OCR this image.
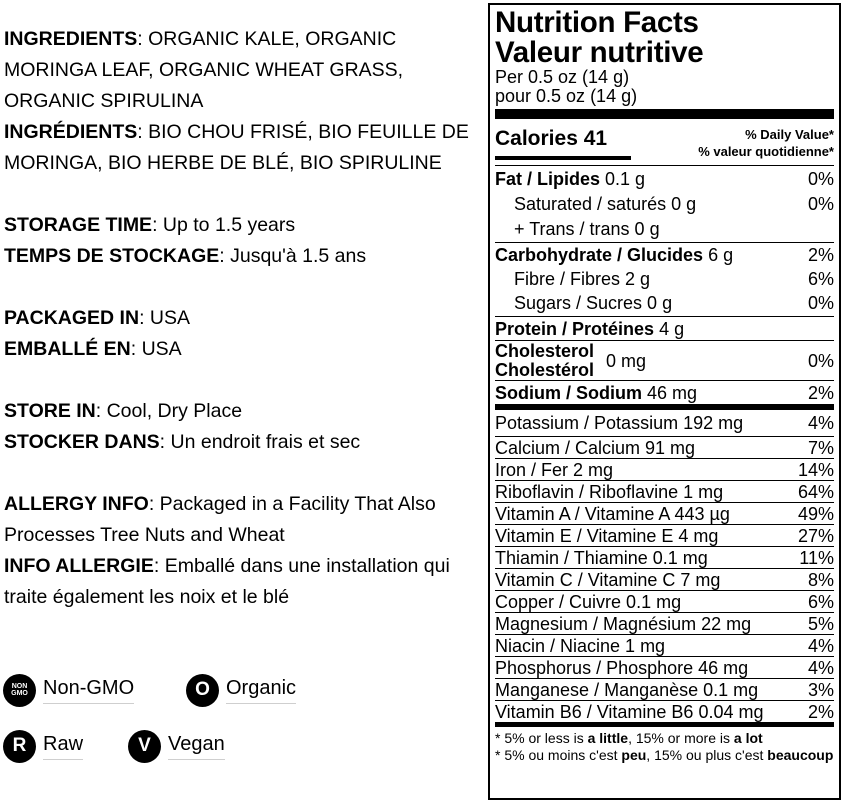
INGREDIENTS: ORGANIC KALE, ORGANIC MORINGA LEAF, ORGANIC WHEAT GRASS, ORGANIC SPIRULINA

INGRÉDIENTS: BIO CHOU FRISÉ, BIO FEUILLE DE MORINGA, BIO HERBE DE BLÉ, BIO SPIRULINE

STORAGE TIME: Up to 1.5 years

TEMPS DE STOCKAGE: Jusqu'à 1.5 ans

PACKAGED IN: USA

EMBALLÉ EN: USA

STORE IN: Cool, Dry Place

STOCKER DANS: Un endroit frais et sec

ALLERGY INFO: Packaged in a Facility That Also Processes Tree Nuts and Wheat

INFO ALLERGIE: Emballé dans une installation qui traite également les noix et le blé

NON
GMO Non-GMO	O Organic
R Raw	V Vegan
Nutrition Facts
Valeur nutritive
Per 0.5 oz (14 g)
pour 0.5 oz (14 g)
Calories 41	% Daily Value*
% valeur quotidienne*
Fat / Lipides 0.1 g	0%
Saturated / saturés 0 g	0%
+ Trans / trans 0 g
Carbohydrate / Glucides 6 g	2%
Fibre / Fibres 2 g	6%
Sugars / Sucres 0 g	0%
Protein / Protéines 4 g
Cholesterol
Cholestérol 0 mg	0%
Sodium / Sodium 46 mg	2%
Potassium / Potassium 192 mg	4%
Calcium / Calcium 91 mg	7%
Iron / Fer 2 mg	14%
Riboflavin / Riboflavine 1 mg	64%
Vitamin A / Vitamine A 443 µg	49%
Vitamin E / Vitamine E 4 mg	27%
Thiamin / Thiamine 0.1 mg	11%
Vitamin C / Vitamine C 7 mg	8%
Copper / Cuivre 0.1 mg	6%
Magnesium / Magnésium 22 mg	5%
Niacin / Niacine 1 mg	4%
Phosphorus / Phosphore 46 mg	4%
Manganese / Manganèse 0.1 mg	3%
Vitamin B6 / Vitamine B6 0.04 mg 2%
* 5% or less is a little, 15% or more is a lot
* 5% ou moins c'est peu, 15% ou plus c'est beaucoup
